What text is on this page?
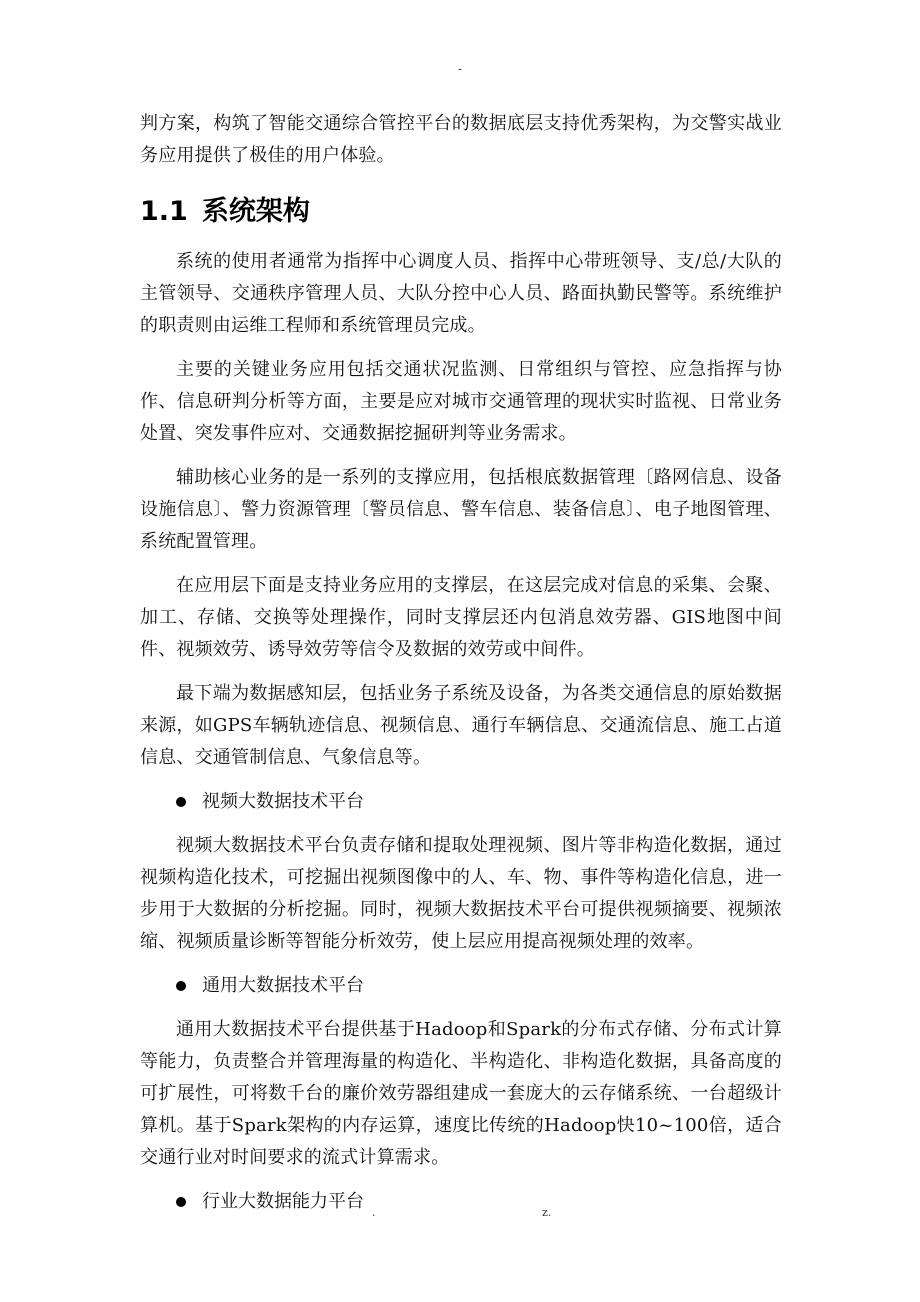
-

判方案，构筑了智能交通综合管控平台的数据底层支持优秀架构，为交警实战业务应用提供了极佳的用户体验。

1.1 系统架构

系统的使用者通常为指挥中心调度人员、指挥中心带班领导、支/总/大队的主管领导、交通秩序管理人员、大队分控中心人员、路面执勤民警等。系统维护的职责则由运维工程师和系统管理员完成。

主要的关键业务应用包括交通状况监测、日常组织与管控、应急指挥与协作、信息研判分析等方面，主要是应对城市交通管理的现状实时监视、日常业务处置、突发事件应对、交通数据挖掘研判等业务需求。

辅助核心业务的是一系列的支撑应用，包括根底数据管理〔路网信息、设备设施信息〕、警力资源管理〔警员信息、警车信息、装备信息〕、电子地图管理、系统配置管理。

在应用层下面是支持业务应用的支撑层，在这层完成对信息的采集、会聚、加工、存储、交换等处理操作，同时支撑层还内包消息效劳器、GIS地图中间件、视频效劳、诱导效劳等信令及数据的效劳或中间件。

最下端为数据感知层，包括业务子系统及设备，为各类交通信息的原始数据来源，如GPS车辆轨迹信息、视频信息、通行车辆信息、交通流信息、施工占道信息、交通管制信息、气象信息等。

视频大数据技术平台

视频大数据技术平台负责存储和提取处理视频、图片等非构造化数据，通过视频构造化技术，可挖掘出视频图像中的人、车、物、事件等构造化信息，进一步用于大数据的分析挖掘。同时，视频大数据技术平台可提供视频摘要、视频浓缩、视频质量诊断等智能分析效劳，使上层应用提高视频处理的效率。

通用大数据技术平台

通用大数据技术平台提供基于Hadoop和Spark的分布式存储、分布式计算等能力，负责整合并管理海量的构造化、半构造化、非构造化数据，具备高度的可扩展性，可将数千台的廉价效劳器组建成一套庞大的云存储系统、一台超级计算机。基于Spark架构的内存运算，速度比传统的Hadoop快10~100倍，适合交通行业对时间要求的流式计算需求。

行业大数据能力平台
.	z.
